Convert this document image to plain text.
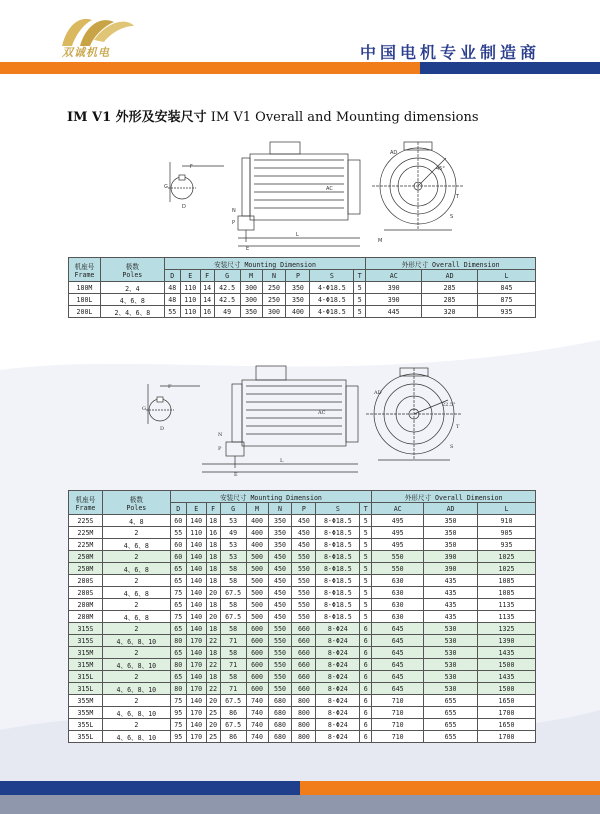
双诚机电	中国电机专业制造商
IM V1 外形及安装尺寸 IM V1 Overall and Mounting dimensions
G
D
F
L
AC
E
N
P
45°
AD
M
S
T
机座号
Frame	极数
Poles	安装尺寸 Mounting Dimension									外形尺寸 Overall Dimension		
		D	E	F	G	M	N	P	S	T	AC	AD	L
180M	2、4	48	110	14	42.5	300	250	350	4-Φ18.5	5	390	285	845
180L	4、6、8	48	110	14	42.5	300	250	350	4-Φ18.5	5	390	285	875
200L	2、4、6、8	55	110	16	49	350	300	400	4-Φ18.5	5	445	320	935
G
D
F
L
AC
E
N
P
22.5°
AD
S
T
机座号
Frame	极数
Poles	安装尺寸 Mounting Dimension									外形尺寸 Overall Dimension		
		D	E	F	G	M	N	P	S	T	AC	AD	L
225S	4、8	60	140	18	53	400	350	450	8-Φ18.5	5	495	350	910
225M	2	55	110	16	49	400	350	450	8-Φ18.5	5	495	350	905
225M	4、6、8	60	140	18	53	400	350	450	8-Φ18.5	5	495	350	935
250M	2	60	140	18	53	500	450	550	8-Φ18.5	5	550	390	1025
250M	4、6、8	65	140	18	58	500	450	550	8-Φ18.5	5	550	390	1025
280S	2	65	140	18	58	500	450	550	8-Φ18.5	5	630	435	1085
280S	4、6、8	75	140	20	67.5	500	450	550	8-Φ18.5	5	630	435	1085
280M	2	65	140	18	58	500	450	550	8-Φ18.5	5	630	435	1135
280M	4、6、8	75	140	20	67.5	500	450	550	8-Φ18.5	5	630	435	1135
315S	2	65	140	18	58	600	550	660	8-Φ24	6	645	530	1325
315S	4、6、8、10	80	170	22	71	600	550	660	8-Φ24	6	645	530	1390
315M	2	65	140	18	58	600	550	660	8-Φ24	6	645	530	1435
315M	4、6、8、10	80	170	22	71	600	550	660	8-Φ24	6	645	530	1500
315L	2	65	140	18	58	600	550	660	8-Φ24	6	645	530	1435
315L	4、6、8、10	80	170	22	71	600	550	660	8-Φ24	6	645	530	1500
355M	2	75	140	20	67.5	740	680	800	8-Φ24	6	710	655	1650
355M	4、6、8、10	95	170	25	86	740	680	800	8-Φ24	6	710	655	1700
355L	2	75	140	20	67.5	740	680	800	8-Φ24	6	710	655	1650
355L	4、6、8、10	95	170	25	86	740	680	800	8-Φ24	6	710	655	1700
